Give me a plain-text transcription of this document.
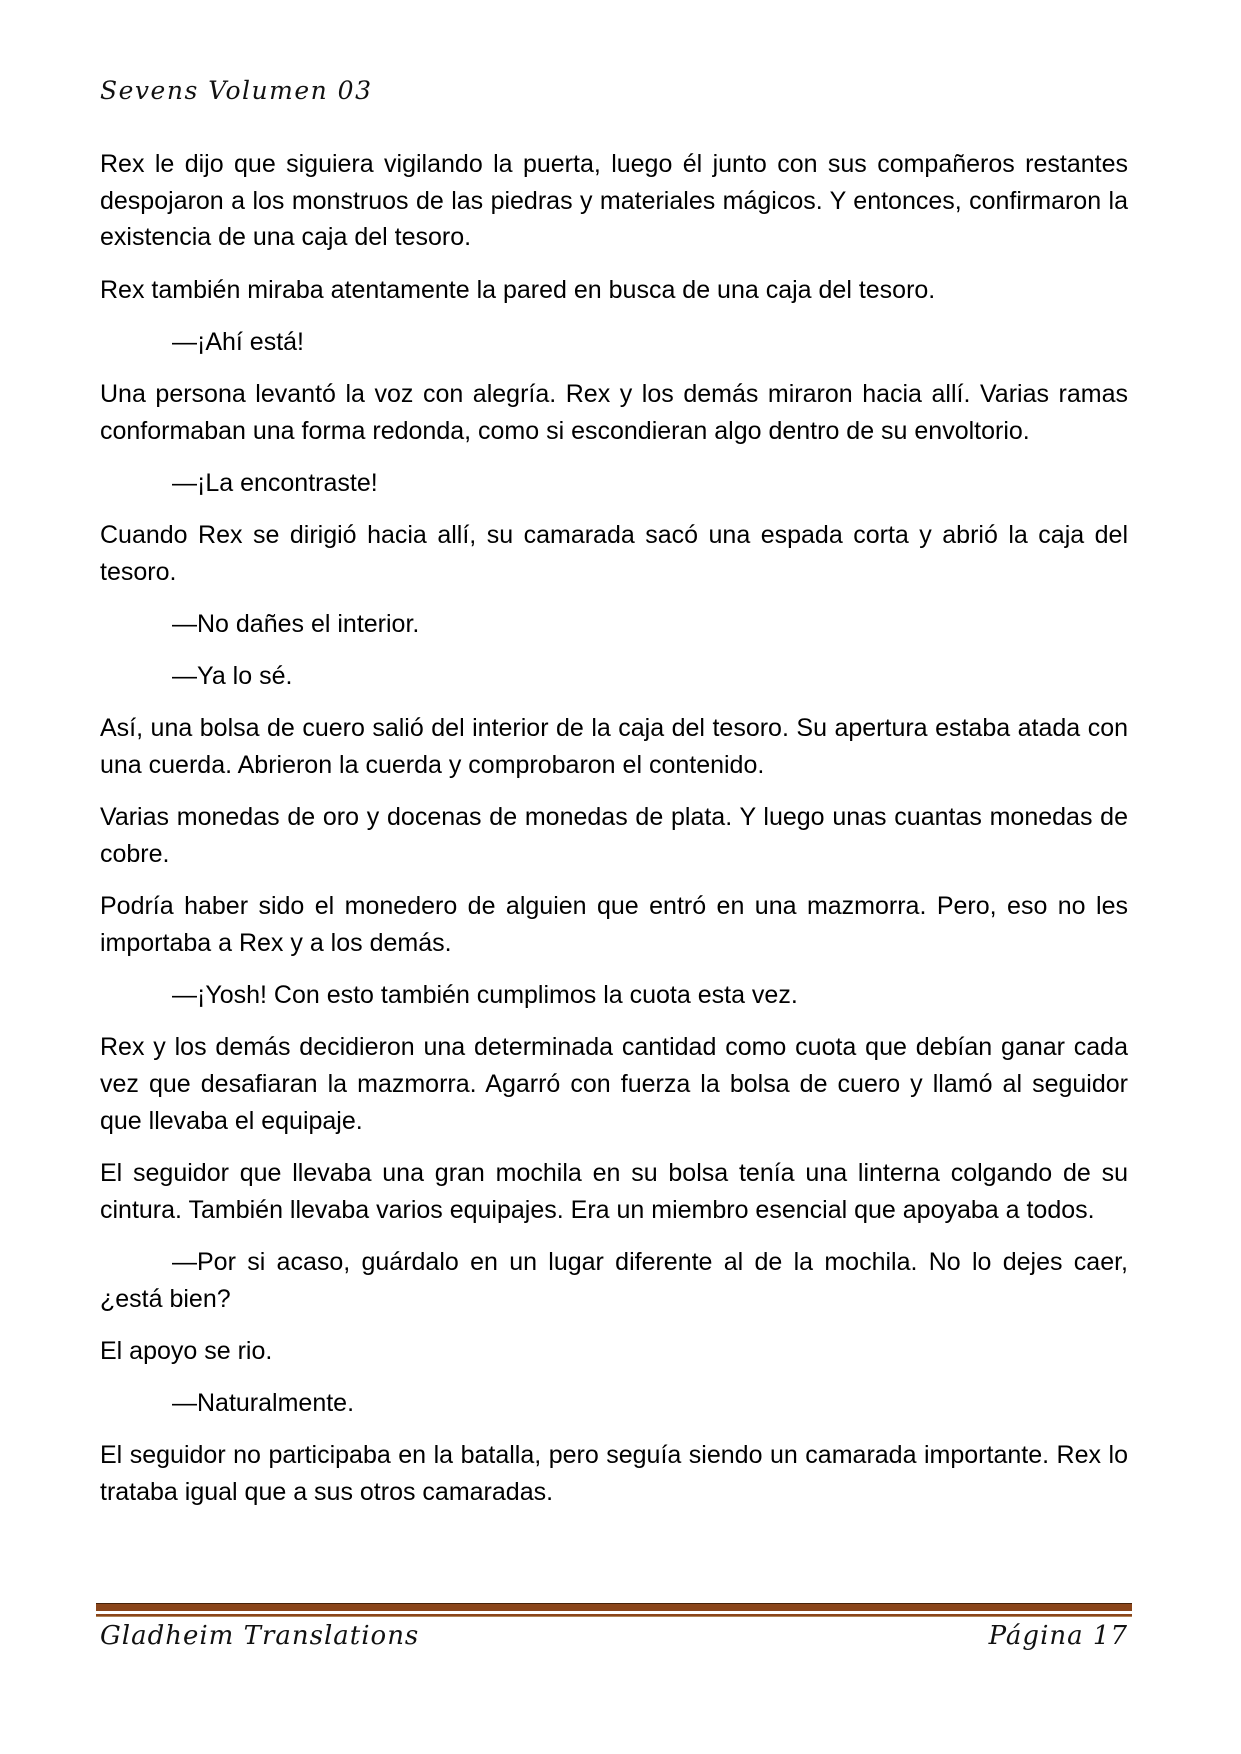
Sevens Volumen 03

Rex le dijo que siguiera vigilando la puerta, luego él junto con sus compañeros restantes despojaron a los monstruos de las piedras y materiales mágicos. Y entonces, confirmaron la existencia de una caja del tesoro.

Rex también miraba atentamente la pared en busca de una caja del tesoro.

—¡Ahí está!

Una persona levantó la voz con alegría. Rex y los demás miraron hacia allí. Varias ramas conformaban una forma redonda, como si escondieran algo dentro de su envoltorio.

—¡La encontraste!

Cuando Rex se dirigió hacia allí, su camarada sacó una espada corta y abrió la caja del tesoro.

—No dañes el interior.

—Ya lo sé.

Así, una bolsa de cuero salió del interior de la caja del tesoro. Su apertura estaba atada con una cuerda. Abrieron la cuerda y comprobaron el contenido.

Varias monedas de oro y docenas de monedas de plata. Y luego unas cuantas monedas de cobre.

Podría haber sido el monedero de alguien que entró en una mazmorra. Pero, eso no les importaba a Rex y a los demás.

—¡Yosh! Con esto también cumplimos la cuota esta vez.

Rex y los demás decidieron una determinada cantidad como cuota que debían ganar cada vez que desafiaran la mazmorra. Agarró con fuerza la bolsa de cuero y llamó al seguidor que llevaba el equipaje.

El seguidor que llevaba una gran mochila en su bolsa tenía una linterna colgando de su cintura. También llevaba varios equipajes. Era un miembro esencial que apoyaba a todos.

—Por si acaso, guárdalo en un lugar diferente al de la mochila. No lo dejes caer, ¿está bien?

El apoyo se rio.

—Naturalmente.

El seguidor no participaba en la batalla, pero seguía siendo un camarada importante. Rex lo trataba igual que a sus otros camaradas.

Gladheim Translations	Página 17
